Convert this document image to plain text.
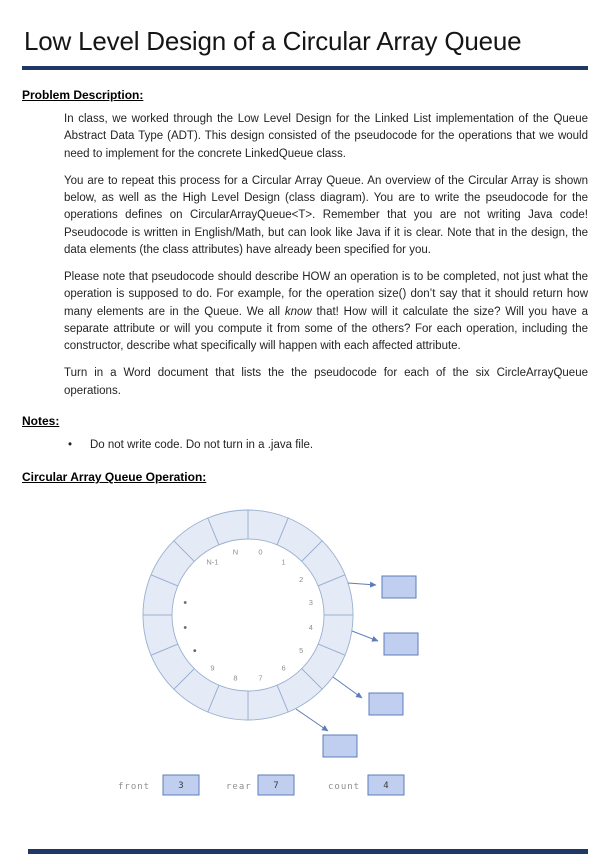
Low Level Design of a Circular Array Queue
Problem Description:

In class, we worked through the Low Level Design for the Linked List implementation of the Queue Abstract Data Type (ADT). This design consisted of the pseudocode for the operations that we would need to implement for the concrete LinkedQueue class.

You are to repeat this process for a Circular Array Queue. An overview of the Circular Array is shown below, as well as the High Level Design (class diagram). You are to write the pseudocode for the operations defines on CircularArrayQueue<T>. Remember that you are not writing Java code! Pseudocode is written in English/Math, but can look like Java if it is clear. Note that in the design, the data elements (the class attributes) have already been specified for you.

Please note that pseudocode should describe HOW an operation is to be completed, not just what the operation is supposed to do. For example, for the operation size() don’t say that it should return how many elements are in the Queue. We all know that! How will it calculate the size? Will you have a separate attribute or will you compute it from some of the others? For each operation, including the constructor, describe what specifically will happen with each affected attribute.

Turn in a Word document that lists the the pseudocode for each of the six CircleArrayQueue operations.

Notes:
•	Do not write code. Do not turn in a .java file.
Circular Array Queue Operation:
0
1
2
3
4
5
6
7
8
9
N-1
N
front	3	rear 7	count	4
